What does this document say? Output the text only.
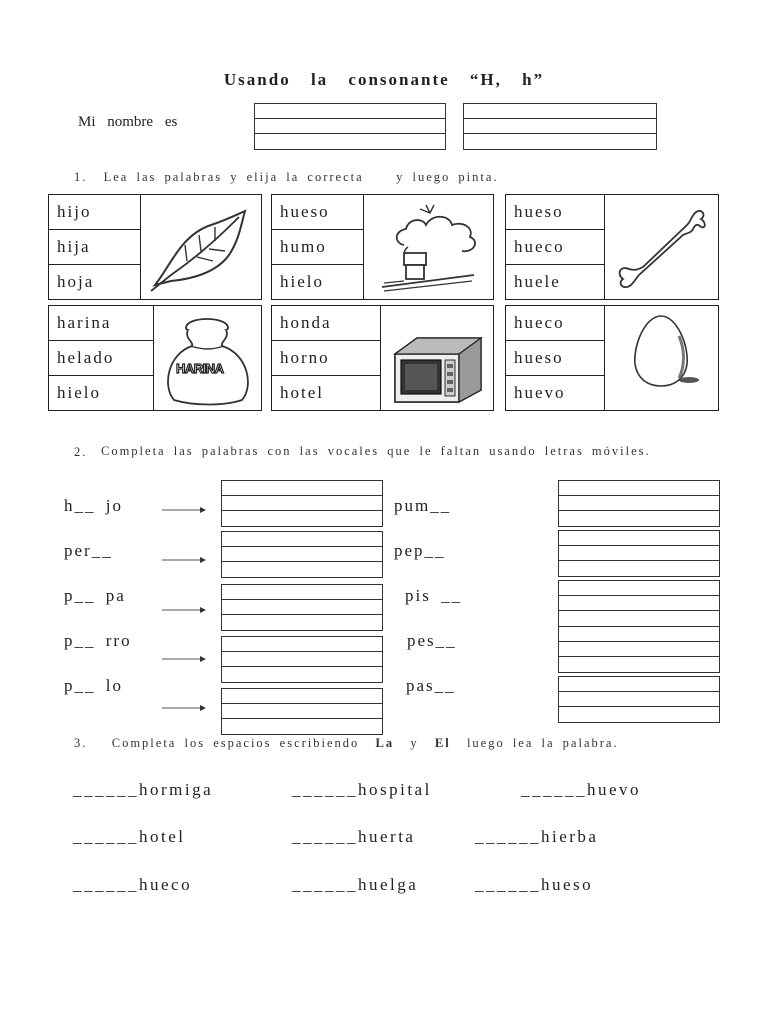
Usando la consonante “H, h”
Mi nombre es
1.  Lea las palabras y elija la correcta    y luego pinta.
hijo
hija
hoja
hueso
humo
hielo
hueso
hueco
huele
harina
helado
hielo
HARINA
honda
horno
hotel
hueco
hueso
huevo
2. Completa las palabras con las vocales que le faltan usando letras móviles.
h__ jo
per__
p__ pa
p__ rro
p__ lo
pum__
pep__
pis __
pes__
pas__
3. Completa los espacios escribiendo La y El luego lea la palabra.
______hormiga	______hospital	______huevo
______hotel	______huerta	______hierba
______hueco	______huelga	______hueso
